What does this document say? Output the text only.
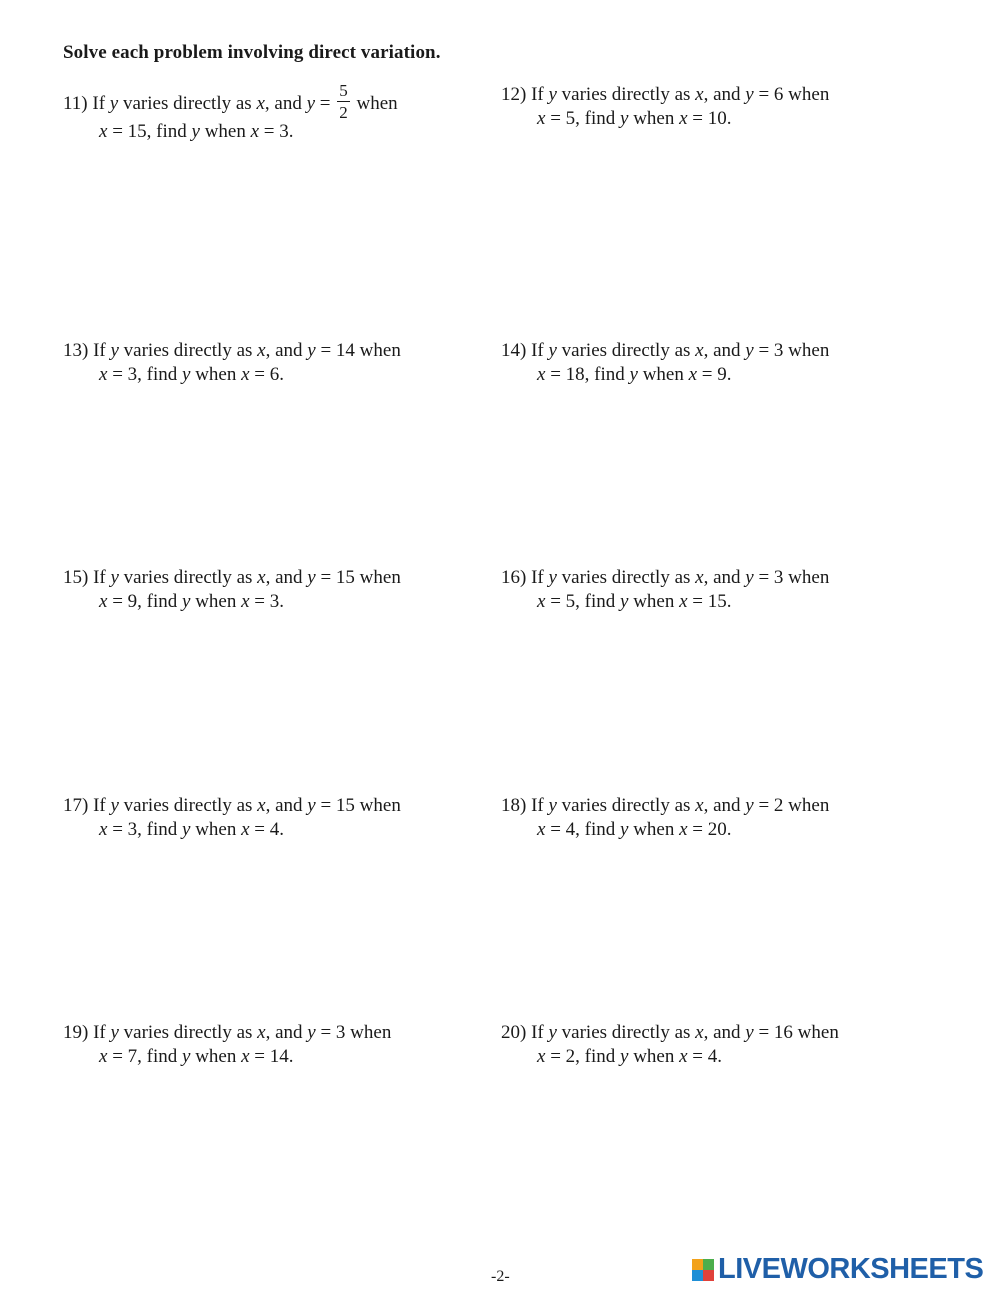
Solve each problem involving direct variation.
11) If y varies directly as x, and $y = \frac{5}{2}$ when
x = 15, find y when x = 3.
12) If y varies directly as x, and y = 6 when
x = 5, find y when x = 10.
13) If y varies directly as x, and y = 14 when
x = 3, find y when x = 6.
14) If y varies directly as x, and y = 3 when
x = 18, find y when x = 9.
15) If y varies directly as x, and y = 15 when
x = 9, find y when x = 3.
16) If y varies directly as x, and y = 3 when
x = 5, find y when x = 15.
17) If y varies directly as x, and y = 15 when
x = 3, find y when x = 4.
18) If y varies directly as x, and y = 2 when
x = 4, find y when x = 20.
19) If y varies directly as x, and y = 3 when
x = 7, find y when x = 14.
20) If y varies directly as x, and y = 16 when
x = 2, find y when x = 4.
-2-	LIVEWORKSHEETS
